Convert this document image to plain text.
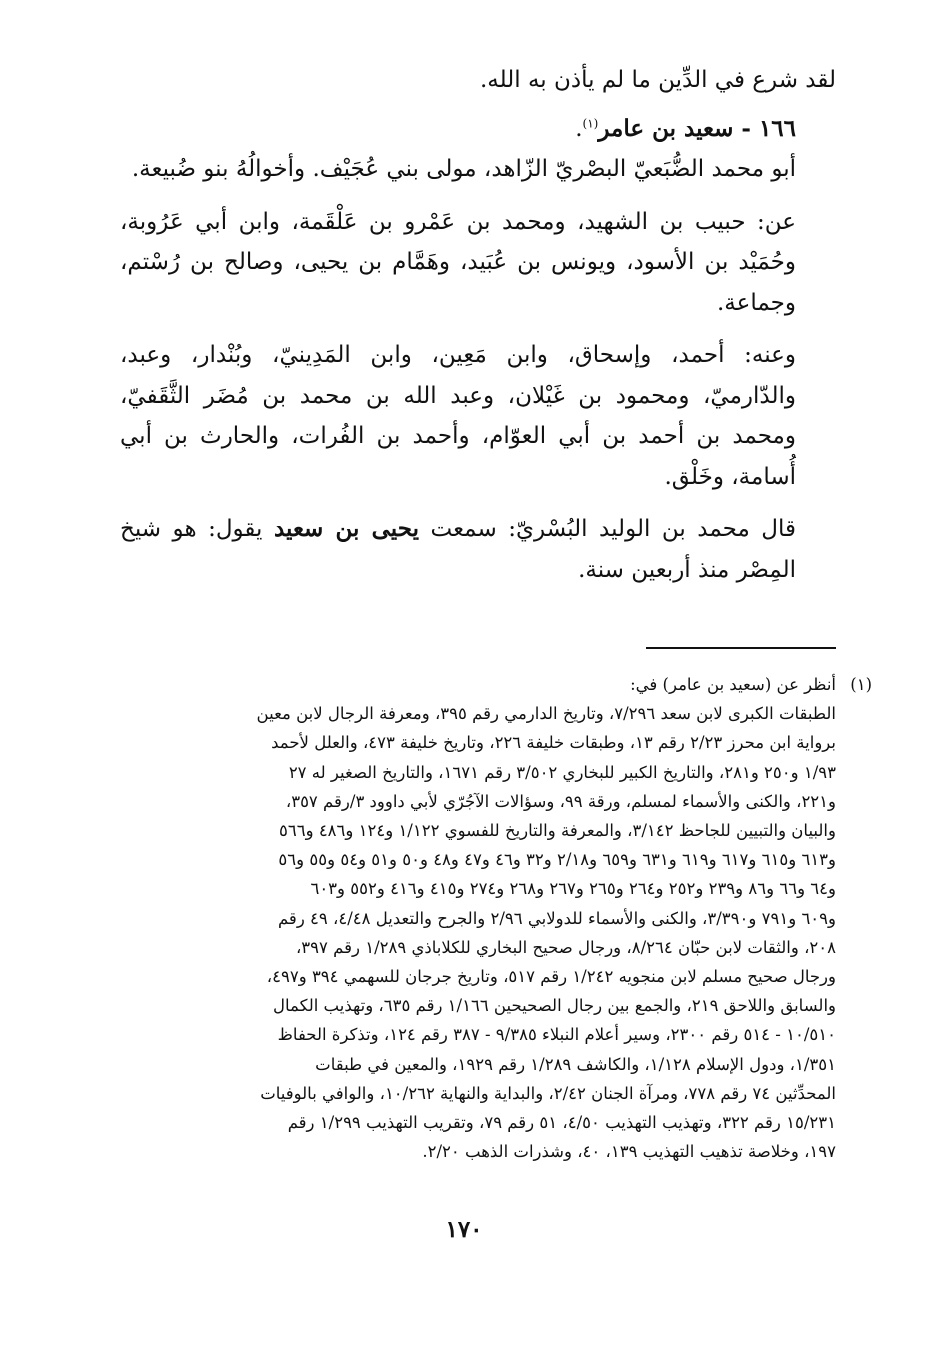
لقد شرع في الدِّين ما لم يأذن به الله.

١٦٦ - سعيد بن عامر$^{(١)}$.

أبو محمد الضُّبَعيّ البصْريّ الزّاهد، مولى بني عُجَيْف. وأخوالُهُ بنو ضُبيعة.

عن: حبيب بن الشهيد، ومحمد بن عَمْرو بن عَلْقَمة، وابن أبي عَرُوبة، وحُمَيْد بن الأسود، ويونس بن عُبَيد، وهَمَّام بن يحيى، وصالح بن رُسْتم، وجماعة.

وعنه: أحمد، وإسحاق، وابن مَعِين، وابن المَدِينيّ، وبُنْدار، وعبد، والدّارميّ، ومحمود بن غَيْلان، وعبد الله بن محمد بن مُضَر الثَّقَفيّ، ومحمد بن أحمد بن أبي العوّام، وأحمد بن الفُرات، والحارث بن أبي أُسامة، وخَلْق.

قال محمد بن الوليد البُسْريّ: سمعت يحيى بن سعيد يقول: هو شيخ المِصْر منذ أربعين سنة.

(١)

أنظر عن (سعيد بن عامر) في:

الطبقات الكبرى لابن سعد ٧/٢٩٦، وتاريخ الدارمي رقم ٣٩٥، ومعرفة الرجال لابن معين

برواية ابن محرز ٢/٢٣ رقم ١٣، وطبقات خليفة ٢٢٦، وتاريخ خليفة ٤٧٣، والعلل لأحمد

١/٩٣ و٢٥٠ و٢٨١، والتاريخ الكبير للبخاري ٣/٥٠٢ رقم ١٦٧١، والتاريخ الصغير له ٢٧

و٢٢١، والكنى والأسماء لمسلم، ورقة ٩٩، وسؤالات الآجُرّي لأبي داوود ٣/رقم ٣٥٧،

والبيان والتبيين للجاحظ ٣/١٤٢، والمعرفة والتاريخ للفسوي ١/١٢٢ و١٢٤ و٤٨٦ و٥٦٦

و٦١٣ و٦١٥ و٦١٧ و٦١٩ و٦٣١ و٦٥٩ و٢/١٨ و٣٢ و٤٦ و٤٧ و٤٨ و٥٠ و٥١ و٥٤ و٥٥ و٥٦

و٦٤ و٦٦ و٨٦ و٢٣٩ و٢٥٢ و٢٦٤ و٢٦٥ و٢٦٧ و٢٦٨ و٢٧٤ و٤١٥ و٤١٦ و٥٥٢ و٦٠٣

و٦٠٩ و٧٩١ و٣/٣٩٠، والكنى والأسماء للدولابي ٢/٩٦ والجرح والتعديل ٤/٤٨، ٤٩ رقم

٢٠٨، والثقات لابن حبّان ٨/٢٦٤، ورجال صحيح البخاري للكلاباذي ١/٢٨٩ رقم ٣٩٧،

ورجال صحيح مسلم لابن منجويه ١/٢٤٢ رقم ٥١٧، وتاريخ جرجان للسهمي ٣٩٤ و٤٩٧،

والسابق واللاحق ٢١٩، والجمع بين رجال الصحيحين ١/١٦٦ رقم ٦٣٥، وتهذيب الكمال

١٠/٥١٠ - ٥١٤ رقم ٢٣٠٠، وسير أعلام النبلاء ٩/٣٨٥ - ٣٨٧ رقم ١٢٤، وتذكرة الحفاظ

١/٣٥١، ودول الإسلام ١/١٢٨، والكاشف ١/٢٨٩ رقم ١٩٢٩، والمعين في طبقات

المحدِّثين ٧٤ رقم ٧٧٨، ومرآة الجنان ٢/٤٢، والبداية والنهاية ١٠/٢٦٢، والوافي بالوفيات

١٥/٢٣١ رقم ٣٢٢، وتهذيب التهذيب ٤/٥٠، ٥١ رقم ٧٩، وتقريب التهذيب ١/٢٩٩ رقم

١٩٧، وخلاصة تذهيب التهذيب ١٣٩، ٤٠، وشذرات الذهب ٢/٢٠.

١٧٠
